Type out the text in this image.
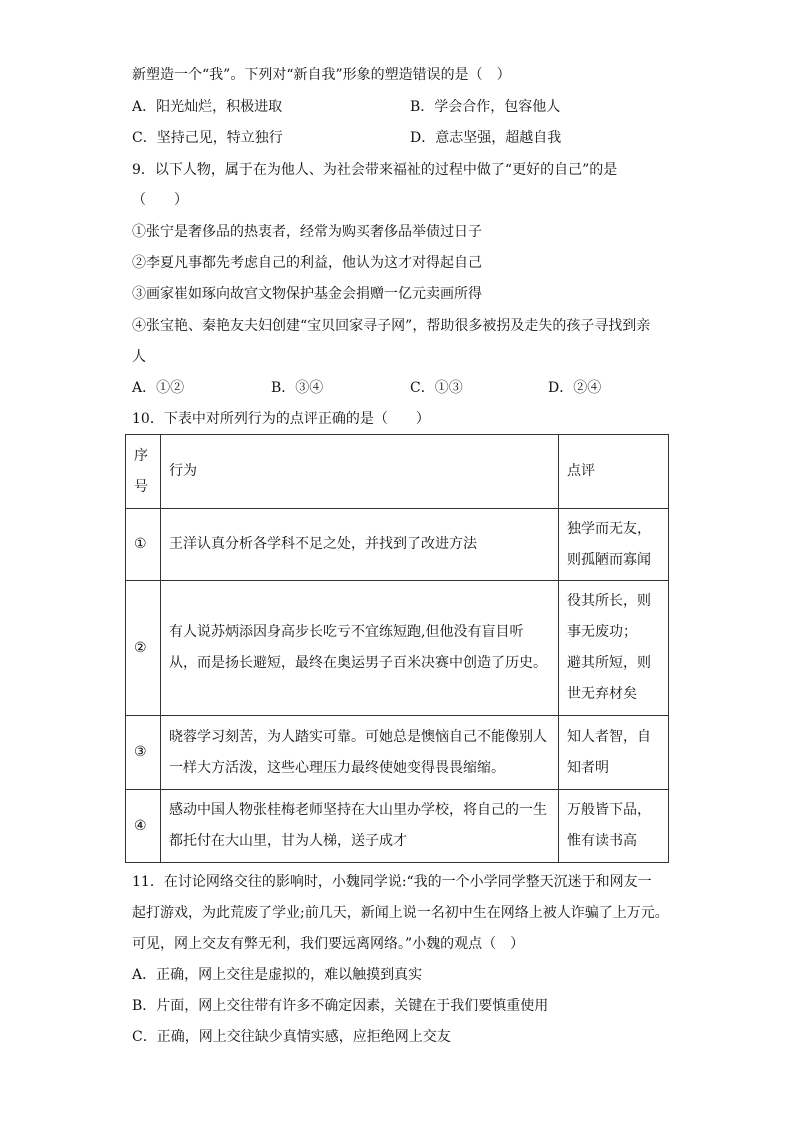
新塑造一个“我”。下列对“新自我”形象的塑造错误的是（　）
A．阳光灿烂，积极进取	B．学会合作，包容他人
C．坚持己见，特立独行	D．意志坚强，超越自我
9．以下人物，属于在为他人、为社会带来福祉的过程中做了“更好的自己”的是
（　　）
①张宁是奢侈品的热衷者，经常为购买奢侈品举债过日子
②李夏凡事都先考虑自己的利益，他认为这才对得起自己
③画家崔如琢向故宫文物保护基金会捐赠一亿元卖画所得
④张宝艳、秦艳友夫妇创建“宝贝回家寻子网”，帮助很多被拐及走失的孩子寻找到亲
人
A．①②	B．③④	C．①③	D．②④
10．下表中对所列行为的点评正确的是（　　）
序号	行为	点评
①	王洋认真分析各学科不足之处，并找到了改进方法	独学而无友，则孤陋而寡闻
②	有人说苏炳添因身高步长吃亏不宜练短跑,但他没有盲目听从，而是扬长避短，最终在奥运男子百米决赛中创造了历史。	役其所长，则事无废功；
避其所短，则世无弃材矣

③	晓蓉学习刻苦，为人踏实可靠。可她总是懊恼自己不能像别人一样大方活泼，这些心理压力最终使她变得畏畏缩缩。	知人者智，自知者明
④	感动中国人物张桂梅老师坚持在大山里办学校，将自己的一生都托付在大山里，甘为人梯，送子成才	万般皆下品，惟有读书高
11．在讨论网络交往的影响时，小魏同学说:“我的一个小学同学整天沉迷于和网友一
起打游戏，为此荒废了学业;前几天，新闻上说一名初中生在网络上被人诈骗了上万元。
可见，网上交友有弊无利，我们要远离网络。”小魏的观点（　）
A．正确，网上交往是虚拟的，难以触摸到真实
B．片面，网上交往带有许多不确定因素，关键在于我们要慎重使用
C．正确，网上交往缺少真情实感，应拒绝网上交友
